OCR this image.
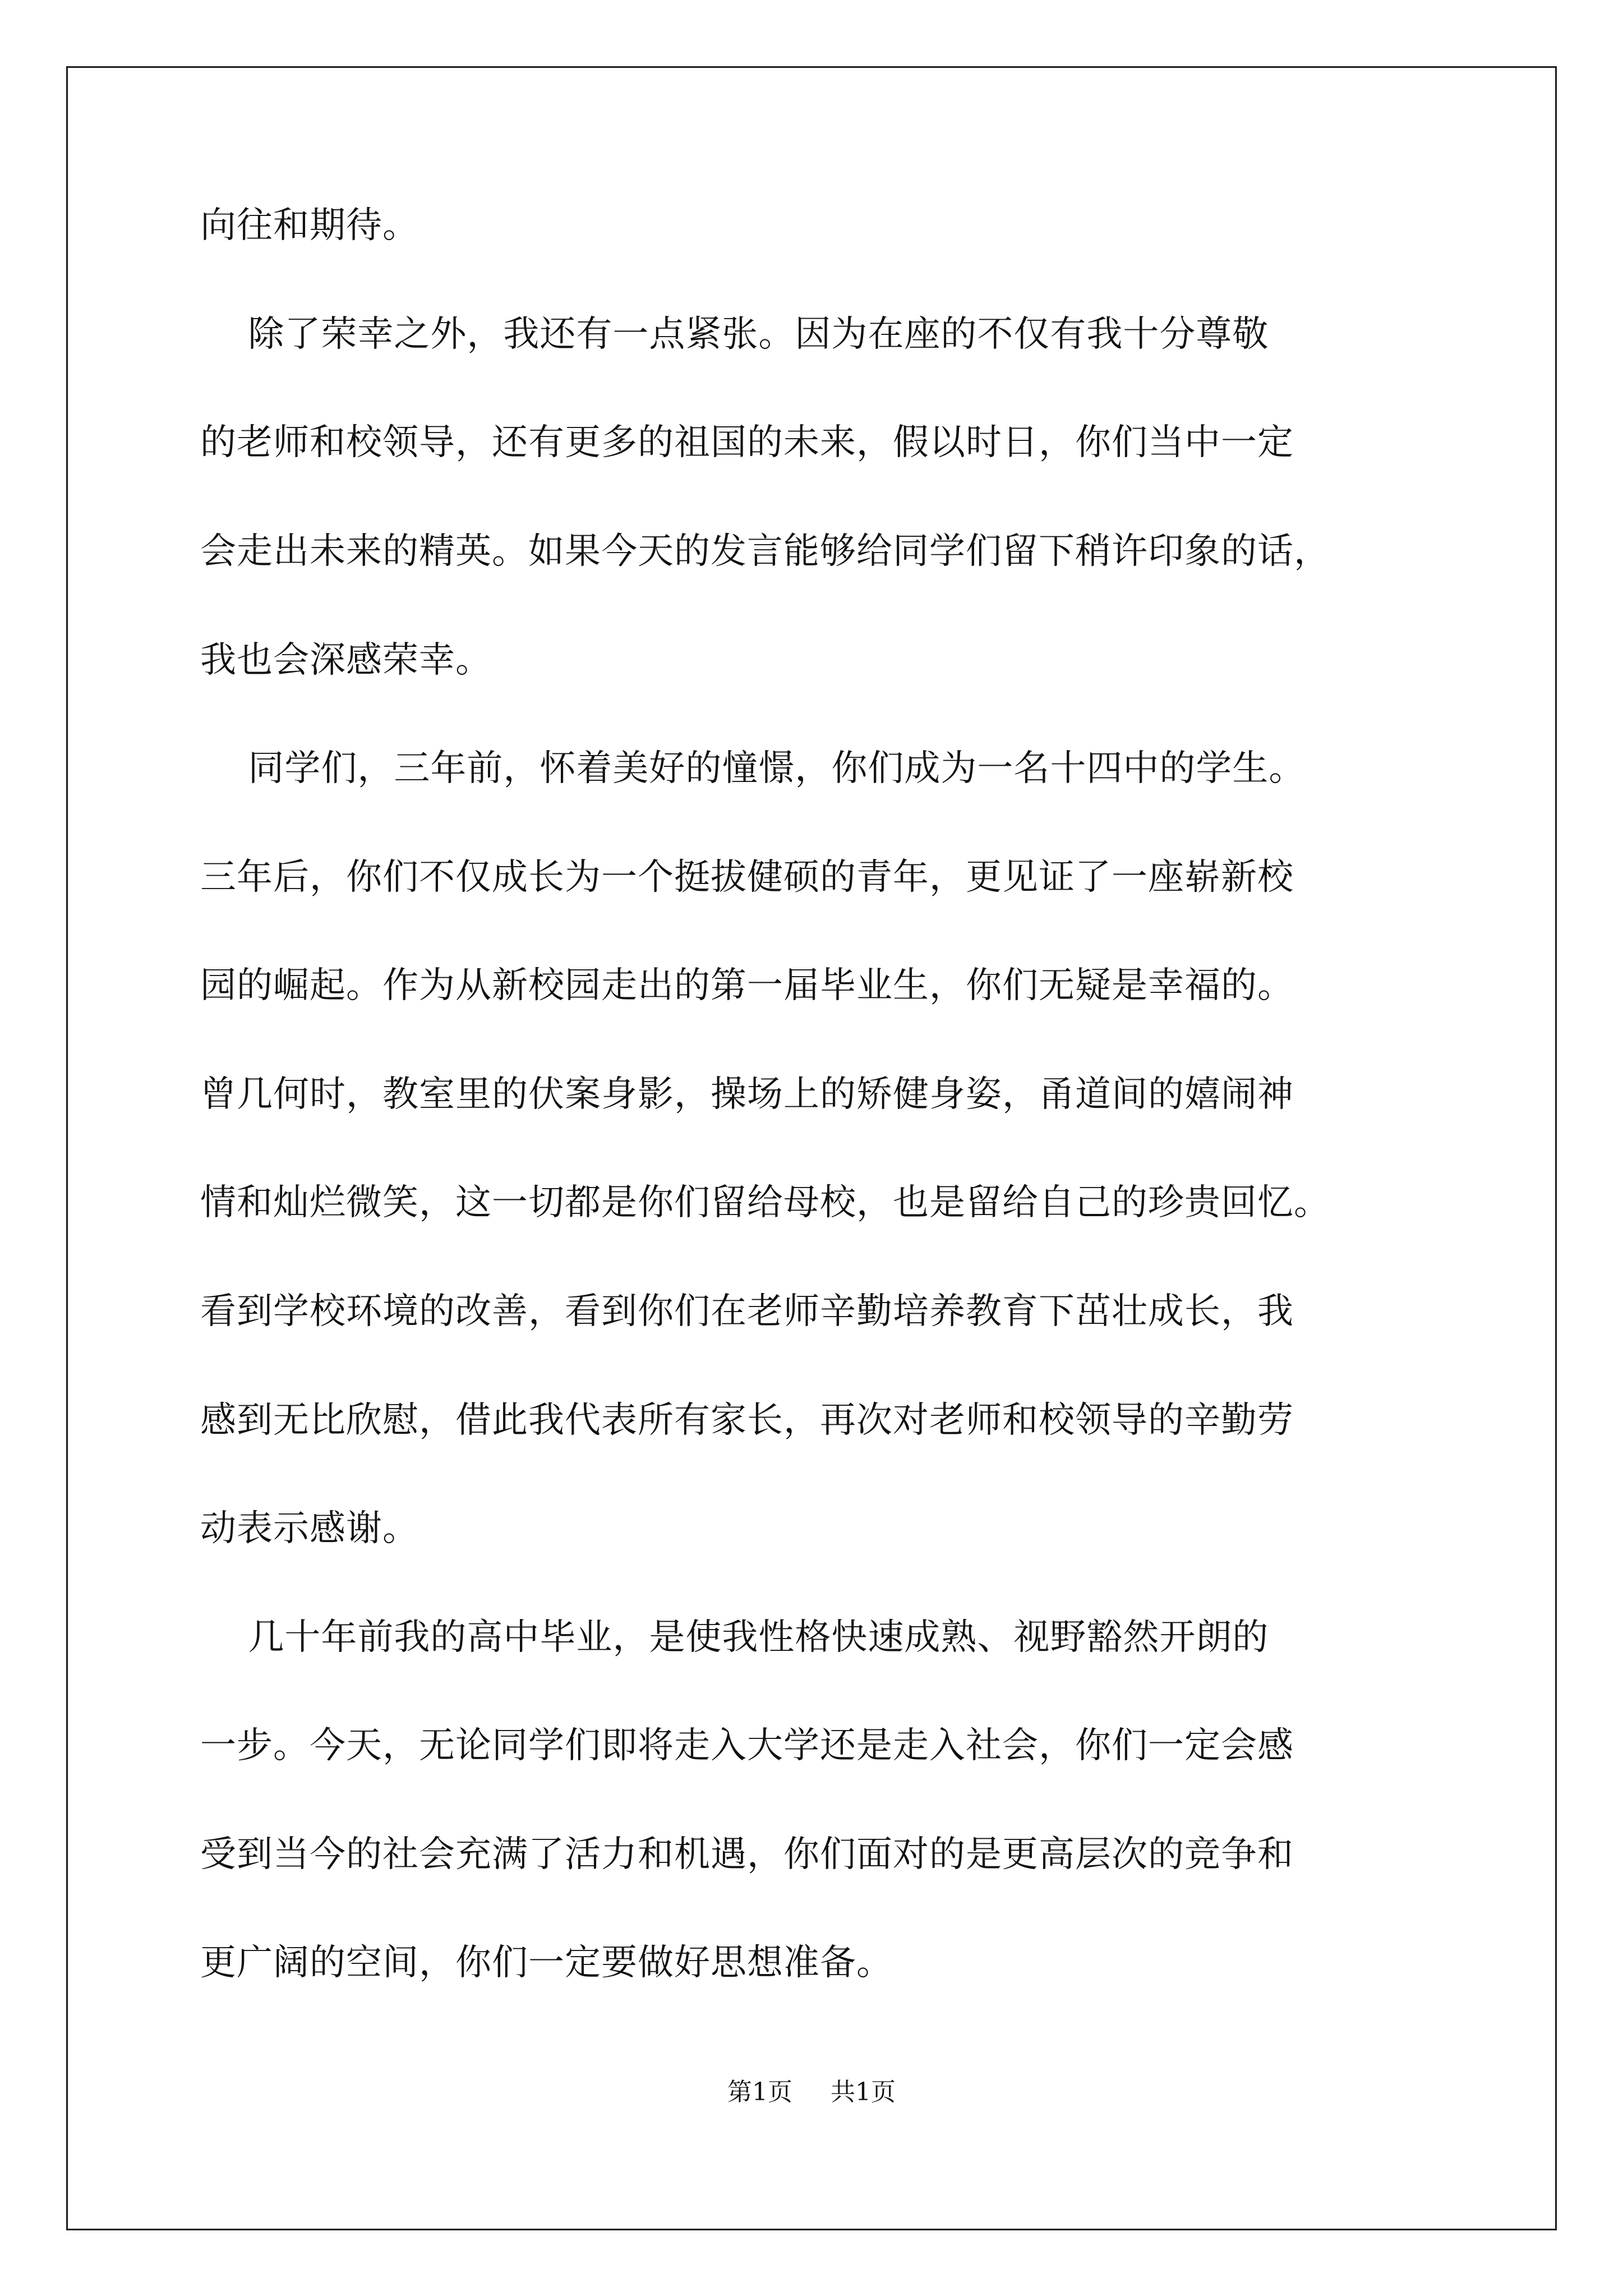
向往和期待。
除了荣幸之外，我还有一点紧张。因为在座的不仅有我十分尊敬
的老师和校领导，还有更多的祖国的未来，假以时日，你们当中一定
会走出未来的精英。如果今天的发言能够给同学们留下稍许印象的话，
我也会深感荣幸。
同学们，三年前，怀着美好的憧憬，你们成为一名十四中的学生。
三年后，你们不仅成长为一个挺拔健硕的青年，更见证了一座崭新校
园的崛起。作为从新校园走出的第一届毕业生，你们无疑是幸福的。
曾几何时，教室里的伏案身影，操场上的矫健身姿，甬道间的嬉闹神
情和灿烂微笑，这一切都是你们留给母校，也是留给自己的珍贵回忆。
看到学校环境的改善，看到你们在老师辛勤培养教育下茁壮成长，我
感到无比欣慰，借此我代表所有家长，再次对老师和校领导的辛勤劳
动表示感谢。
几十年前我的高中毕业，是使我性格快速成熟、视野豁然开朗的
一步。今天，无论同学们即将走入大学还是走入社会，你们一定会感
受到当今的社会充满了活力和机遇，你们面对的是更高层次的竞争和
更广阔的空间，你们一定要做好思想准备。
第1页 共1页
